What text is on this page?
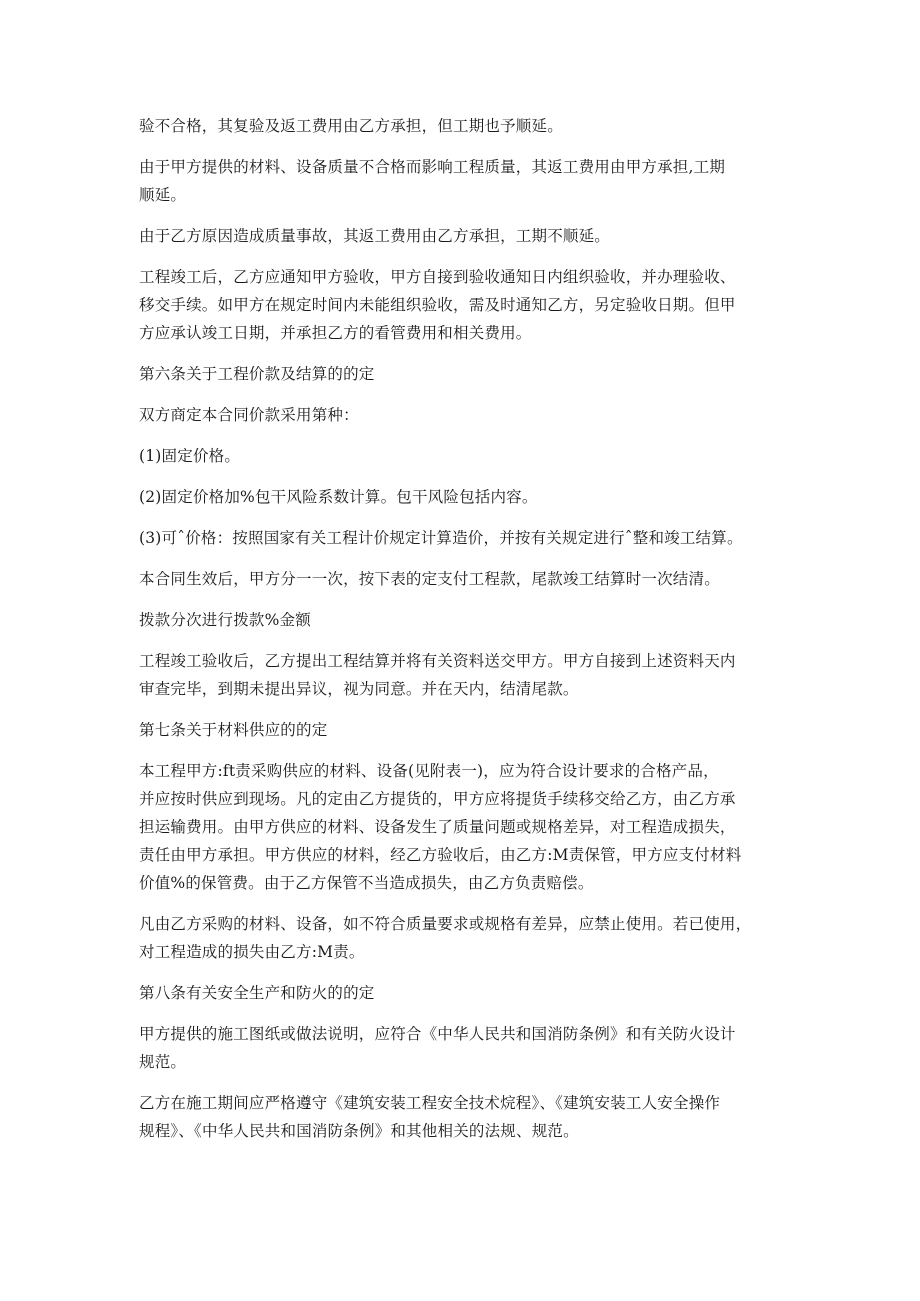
验不合格，其复验及返工费用由乙方承担，但工期也予顺延。

由于甲方提供的材料、设备质量不合格而影响工程质量，其返工费用由甲方承担,工期
顺延。

由于乙方原因造成质量事故，其返工费用由乙方承担，工期不顺延。

工程竣工后，乙方应通知甲方验收，甲方自接到验收通知日内组织验收，并办理验收、
移交手续。如甲方在规定时间内未能组织验收，需及时通知乙方，另定验收日期。但甲
方应承认竣工日期，并承担乙方的看管费用和相关费用。

第六条关于工程价款及结算的的定

双方商定本合同价款采用第种：

(1)固定价格。

(2)固定价格加%包干风险系数计算。包干风险包括内容。

(3)可ˆ价格：按照国家有关工程计价规定计算造价，并按有关规定进行ˆ整和竣工结算。

本合同生效后，甲方分一一次，按下表的定支付工程款，尾款竣工结算时一次结清。

拨款分次进行拨款%金额

工程竣工验收后，乙方提出工程结算并将有关资料送交甲方。甲方自接到上述资料天内
审查完毕，到期未提出异议，视为同意。并在天内，结清尾款。

第七条关于材料供应的的定

本工程甲方:ft责采购供应的材料、设备(见附表一)，应为符合设计要求的合格产品，
并应按时供应到现场。凡的定由乙方提货的，甲方应将提货手续移交给乙方，由乙方承
担运输费用。由甲方供应的材料、设备发生了质量问题或规格差异，对工程造成损失，
责任由甲方承担。甲方供应的材料，经乙方验收后，由乙方:M责保管，甲方应支付材料
价值%的保管费。由于乙方保管不当造成损失，由乙方负责赔偿。

凡由乙方采购的材料、设备，如不符合质量要求或规格有差异，应禁止使用。若已使用，
对工程造成的损失由乙方:M责。

第八条有关安全生产和防火的的定

甲方提供的施工图纸或做法说明，应符合《中华人民共和国消防条例》和有关防火设计
规范。

乙方在施工期间应严格遵守《建筑安装工程安全技术烷程》、《建筑安装工人安全操作
规程》、《中华人民共和国消防条例》和其他相关的法规、规范。
